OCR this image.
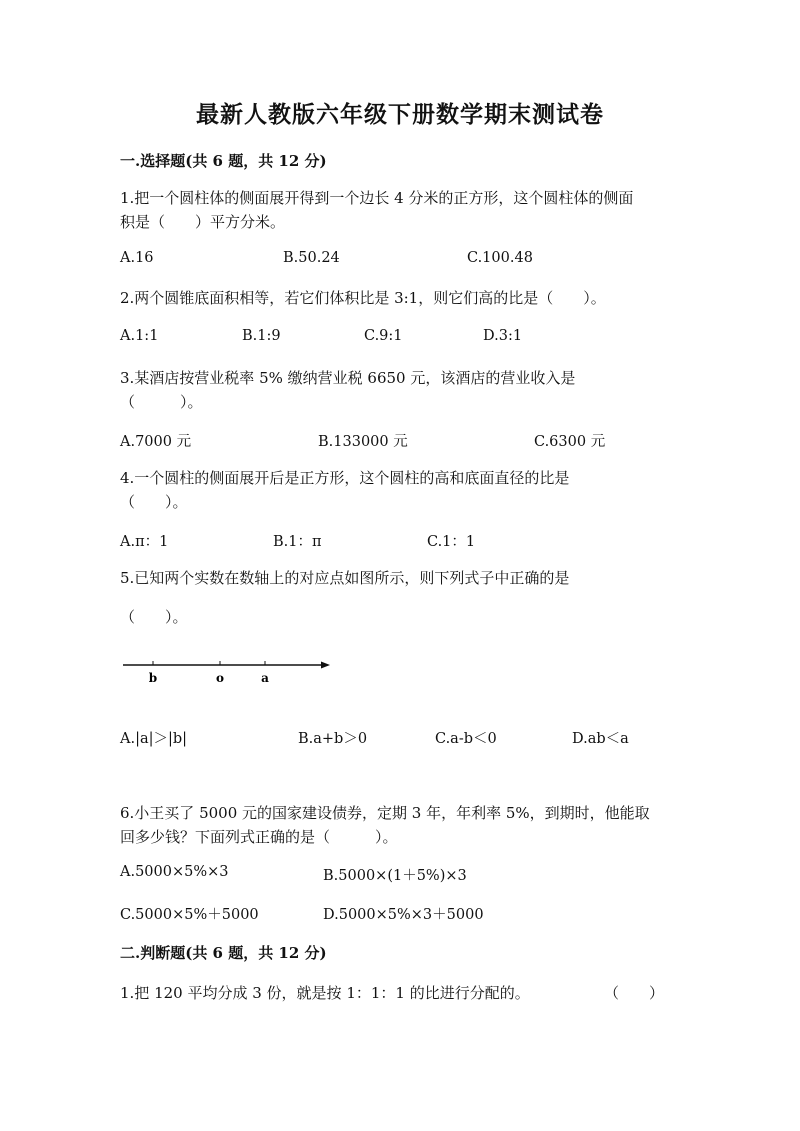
最新人教版六年级下册数学期末测试卷
一.选择题(共 6 题，共 12 分)
1.把一个圆柱体的侧面展开得到一个边长 4 分米的正方形，这个圆柱体的侧面
积是（　　）平方分米。
A.16	B.50.24	C.100.48
2.两个圆锥底面积相等，若它们体积比是 3:1，则它们高的比是（　　）。
A.1:1	B.1:9	C.9:1	D.3:1
3.某酒店按营业税率 5% 缴纳营业税 6650 元，该酒店的营业收入是
（　　　）。
A.7000 元	B.133000 元	C.6300 元
4.一个圆柱的侧面展开后是正方形，这个圆柱的高和底面直径的比是
（　　）。
A.π：1	B.1：π	C.1：1
5.已知两个实数在数轴上的对应点如图所示，则下列式子中正确的是
（　　）。
b	o	a
A.|a|＞|b|	B.a+b＞0	C.a-b＜0	D.ab＜a
6.小王买了 5000 元的国家建设债券，定期 3 年，年利率 5%，到期时，他能取
回多少钱？下面列式正确的是（　　　）。
A.5000×5%×3	B.5000×(1＋5%)×3
C.5000×5%＋5000	D.5000×5%×3＋5000
二.判断题(共 6 题，共 12 分)
1.把 120 平均分成 3 份，就是按 1：1：1 的比进行分配的。	（　　）
